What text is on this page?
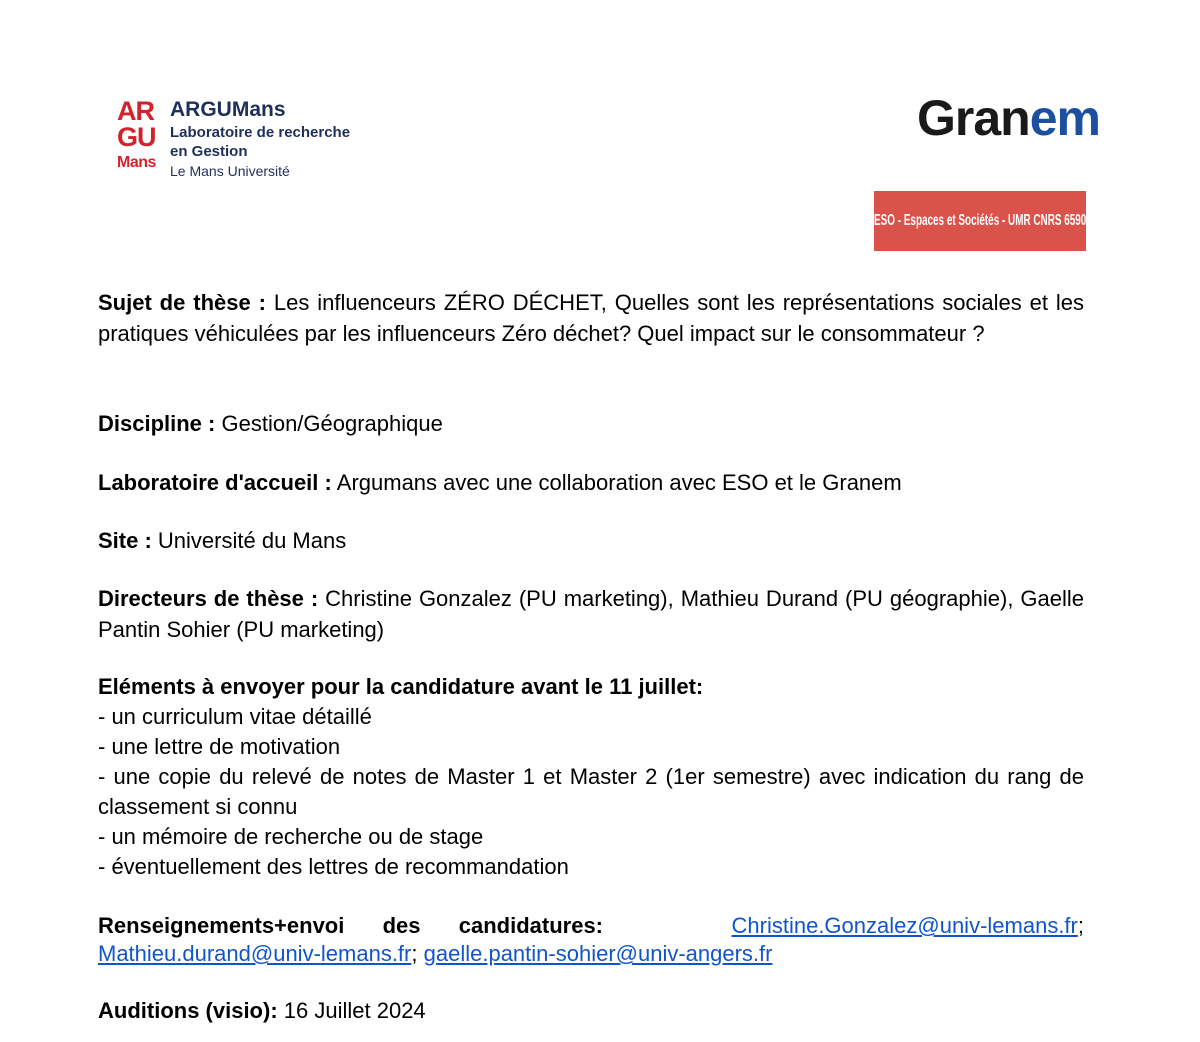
AR
GU
Mans
ARGUMans
Laboratoire de recherche
en Gestion
Le Mans Université
Granem
ESO - Espaces et Sociétés - UMR CNRS 6590

Sujet de thèse : Les influenceurs ZÉRO DÉCHET, Quelles sont les représentations sociales et les pratiques véhiculées par les influenceurs Zéro déchet? Quel impact sur le consommateur ?

Discipline : Gestion/Géographique

Laboratoire d'accueil : Argumans avec une collaboration avec ESO et le Granem

Site : Université du Mans

Directeurs de thèse : Christine Gonzalez (PU marketing), Mathieu Durand (PU géographie), Gaelle Pantin Sohier (PU marketing)

Eléments à envoyer pour la candidature avant le 11 juillet:
- un curriculum vitae détaillé
- une lettre de motivation
- une copie du relevé de notes de Master 1 et Master 2 (1er semestre) avec indication du rang de classement si connu
- un mémoire de recherche ou de stage
- éventuellement des lettres de recommandation

Renseignements+envoi des candidatures:	Christine.Gonzalez@univ-lemans.fr; Mathieu.durand@univ-lemans.fr; gaelle.pantin-sohier@univ-angers.fr

Auditions (visio): 16 Juillet 2024
